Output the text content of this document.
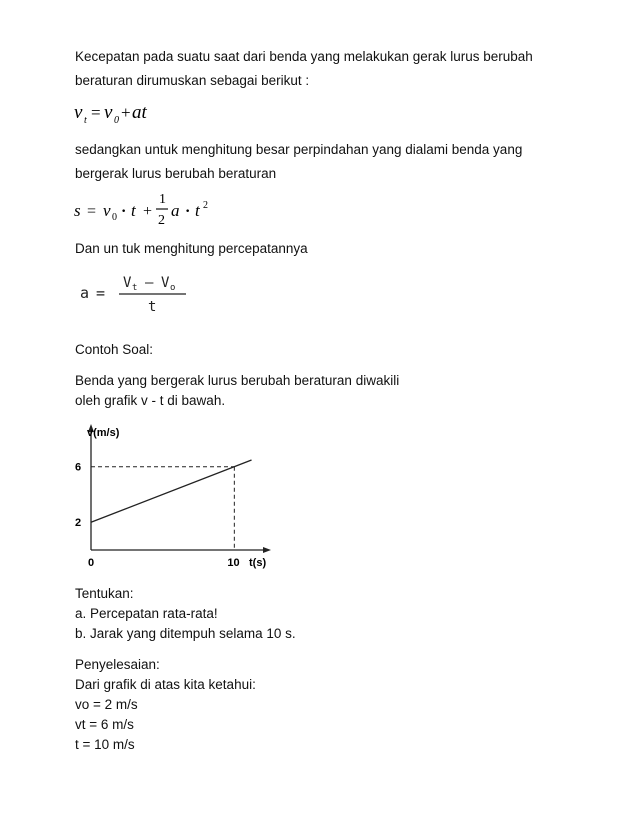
Kecepatan pada suatu saat dari benda yang melakukan gerak lurus berubah
beraturan dirumuskan sebagai berikut :
v t = v 0 + at
sedangkan untuk menghitung besar perpindahan yang dialami benda yang
bergerak lurus berubah beraturan
s = v 0 · t +
1
2
a · t 2
Dan un tuk menghitung percepatannya
a =
V t – V o
t
Contoh Soal:
Benda yang bergerak lurus berubah beraturan diwakili
oleh grafik v - t di bawah.
6
2
0	10
v(m/s)
t(s)
Tentukan:
a. Percepatan rata-rata!
b. Jarak yang ditempuh selama 10 s.
Penyelesaian:
Dari grafik di atas kita ketahui:
vo = 2 m/s
vt = 6 m/s
t = 10 m/s
